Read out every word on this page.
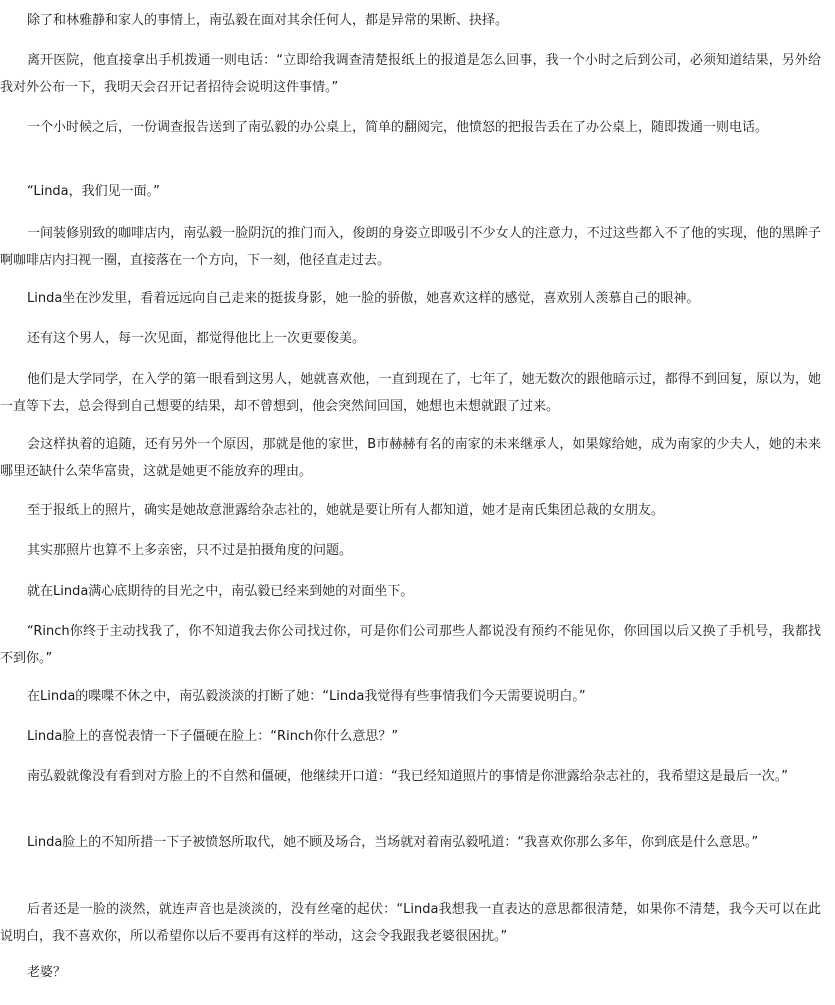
除了和林雅静和家人的事情上，南弘毅在面对其余任何人，都是异常的果断、抉择。

离开医院，他直接拿出手机拨通一则电话：“立即给我调查清楚报纸上的报道是怎么回事，我一个小时之后到公司，必须知道结果，另外给我对外公布一下，我明天会召开记者招待会说明这件事情。”

一个小时候之后，一份调查报告送到了南弘毅的办公桌上，简单的翻阅完，他愤怒的把报告丢在了办公桌上，随即拨通一则电话。

“Linda，我们见一面。”

一间装修别致的咖啡店内，南弘毅一脸阴沉的推门而入，俊朗的身姿立即吸引不少女人的注意力，不过这些都入不了他的实现，他的黑眸子啊咖啡店内扫视一圈，直接落在一个方向，下一刻，他径直走过去。

Linda坐在沙发里，看着远远向自己走来的挺拔身影，她一脸的骄傲，她喜欢这样的感觉，喜欢别人羡慕自己的眼神。

还有这个男人，每一次见面，都觉得他比上一次更要俊美。

他们是大学同学，在入学的第一眼看到这男人，她就喜欢他，一直到现在了，七年了，她无数次的跟他暗示过，都得不到回复，原以为，她一直等下去，总会得到自己想要的结果，却不曾想到，他会突然间回国，她想也未想就跟了过来。

会这样执着的追随，还有另外一个原因，那就是他的家世，B市赫赫有名的南家的未来继承人，如果嫁给她，成为南家的少夫人，她的未来哪里还缺什么荣华富贵，这就是她更不能放弃的理由。

至于报纸上的照片，确实是她故意泄露给杂志社的，她就是要让所有人都知道，她才是南氏集团总裁的女朋友。

其实那照片也算不上多亲密，只不过是拍摄角度的问题。

就在Linda满心底期待的目光之中，南弘毅已经来到她的对面坐下。

“Rinch你终于主动找我了，你不知道我去你公司找过你，可是你们公司那些人都说没有预约不能见你，你回国以后又换了手机号，我都找不到你。”

在Linda的喋喋不休之中，南弘毅淡淡的打断了她：“Linda我觉得有些事情我们今天需要说明白。”

Linda脸上的喜悦表情一下子僵硬在脸上：“Rinch你什么意思？”

南弘毅就像没有看到对方脸上的不自然和僵硬，他继续开口道：“我已经知道照片的事情是你泄露给杂志社的，我希望这是最后一次。”

Linda脸上的不知所措一下子被愤怒所取代，她不顾及场合，当场就对着南弘毅吼道：“我喜欢你那么多年，你到底是什么意思。”

后者还是一脸的淡然，就连声音也是淡淡的，没有丝毫的起伏：“Linda我想我一直表达的意思都很清楚，如果你不清楚，我今天可以在此说明白，我不喜欢你，所以希望你以后不要再有这样的举动，这会令我跟我老婆很困扰。”

老婆？
